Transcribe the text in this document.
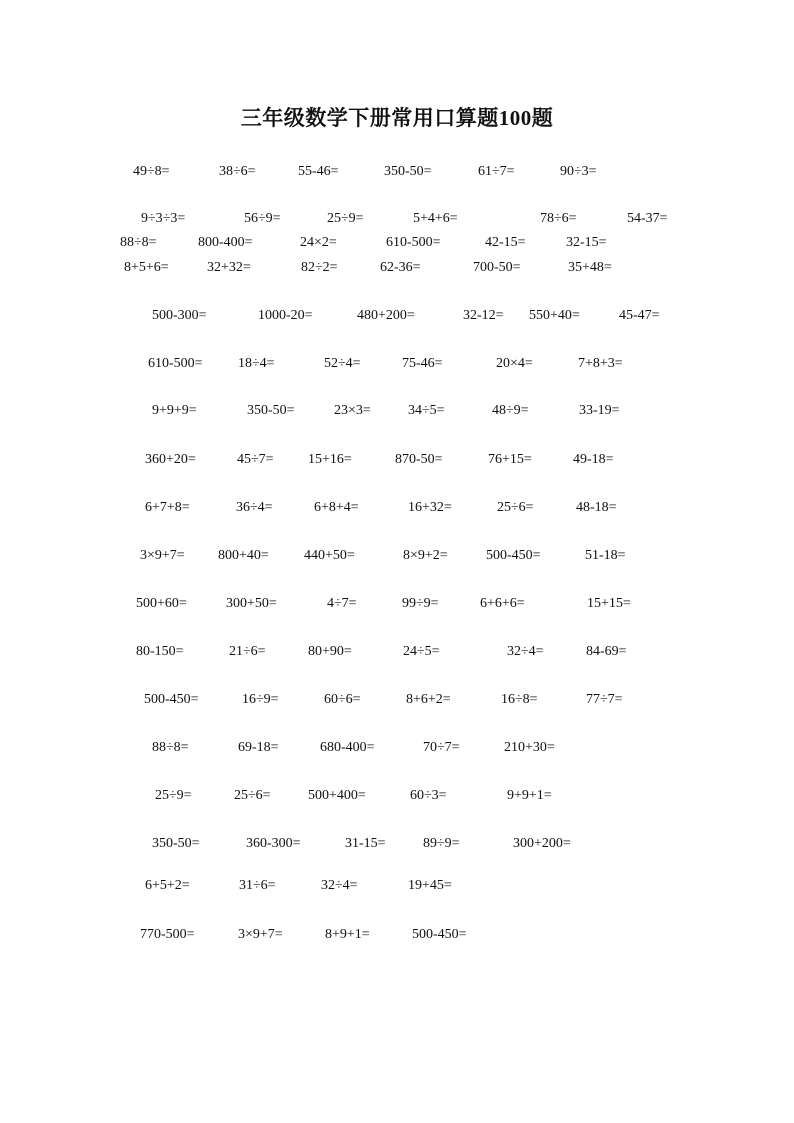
三年级数学下册常用口算题100题
49÷8=	38÷6=	55-46=	350-50=	61÷7=	90÷3=
9÷3÷3=	56÷9=	25÷9=	5+4+6=	78÷6=	54-37=
88÷8=	800-400=	24×2=	610-500=	42-15=	32-15=
8+5+6=	32+32=	82÷2=	62-36=	700-50=	35+48=
500-300=	1000-20=	480+200=	32-12= 550+40=	45-47=
610-500=	18÷4=	52÷4=	75-46=	20×4=	7+8+3=
9+9+9=	350-50=	23×3=	34÷5=	48÷9=	33-19=
360+20=	45÷7= 15+16=	870-50=	76+15=	49-18=
6+7+8=	36÷4=	6+8+4=	16+32=	25÷6=	48-18=
3×9+7= 800+40=	440+50=	8×9+2=	500-450=	51-18=
500+60=	300+50=	4÷7=	99÷9=	6+6+6=	15+15=
80-150=	21÷6=	80+90=	24÷5=	32÷4=	84-69=
500-450=	16÷9=	60÷6=	8+6+2=	16÷8=	77÷7=
88÷8=	69-18=	680-400=	70÷7=	210+30=
25÷9=	25÷6=	500+400=	60÷3=	9+9+1=
350-50=	360-300=	31-15=	89÷9=	300+200=
6+5+2=	31÷6=	32÷4=	19+45=
770-500=	3×9+7=	8+9+1=	500-450=
